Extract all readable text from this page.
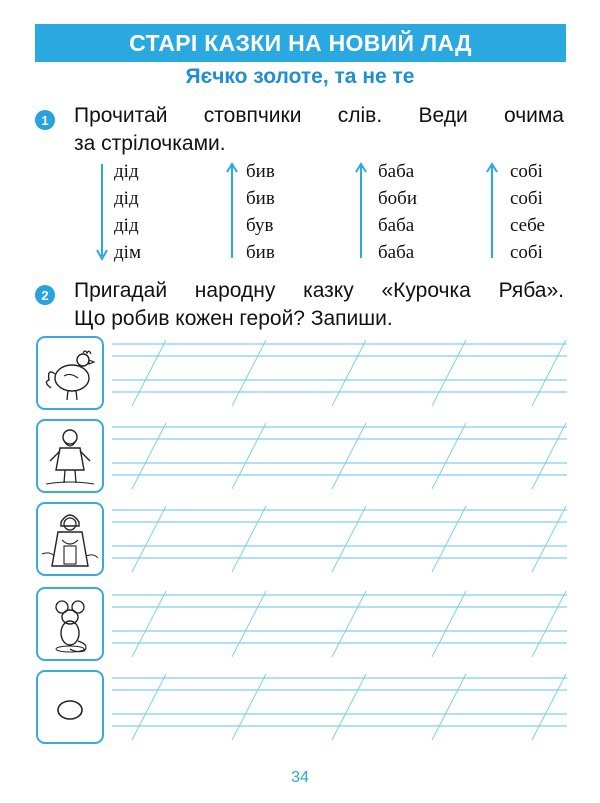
СТАРІ КАЗКИ НА НОВИЙ ЛАД
Яєчко золоте, та не те
1	Прочитай стовпчики слів. Веди очима
за стрілочками.
дід
дід
дід
дім
бив
бив
був
бив
баба
боби
баба
баба
собі
собі
себе
собі
2	Пригадай народну казку «Курочка Ряба».
Що робив кожен герой? Запиши.
34
